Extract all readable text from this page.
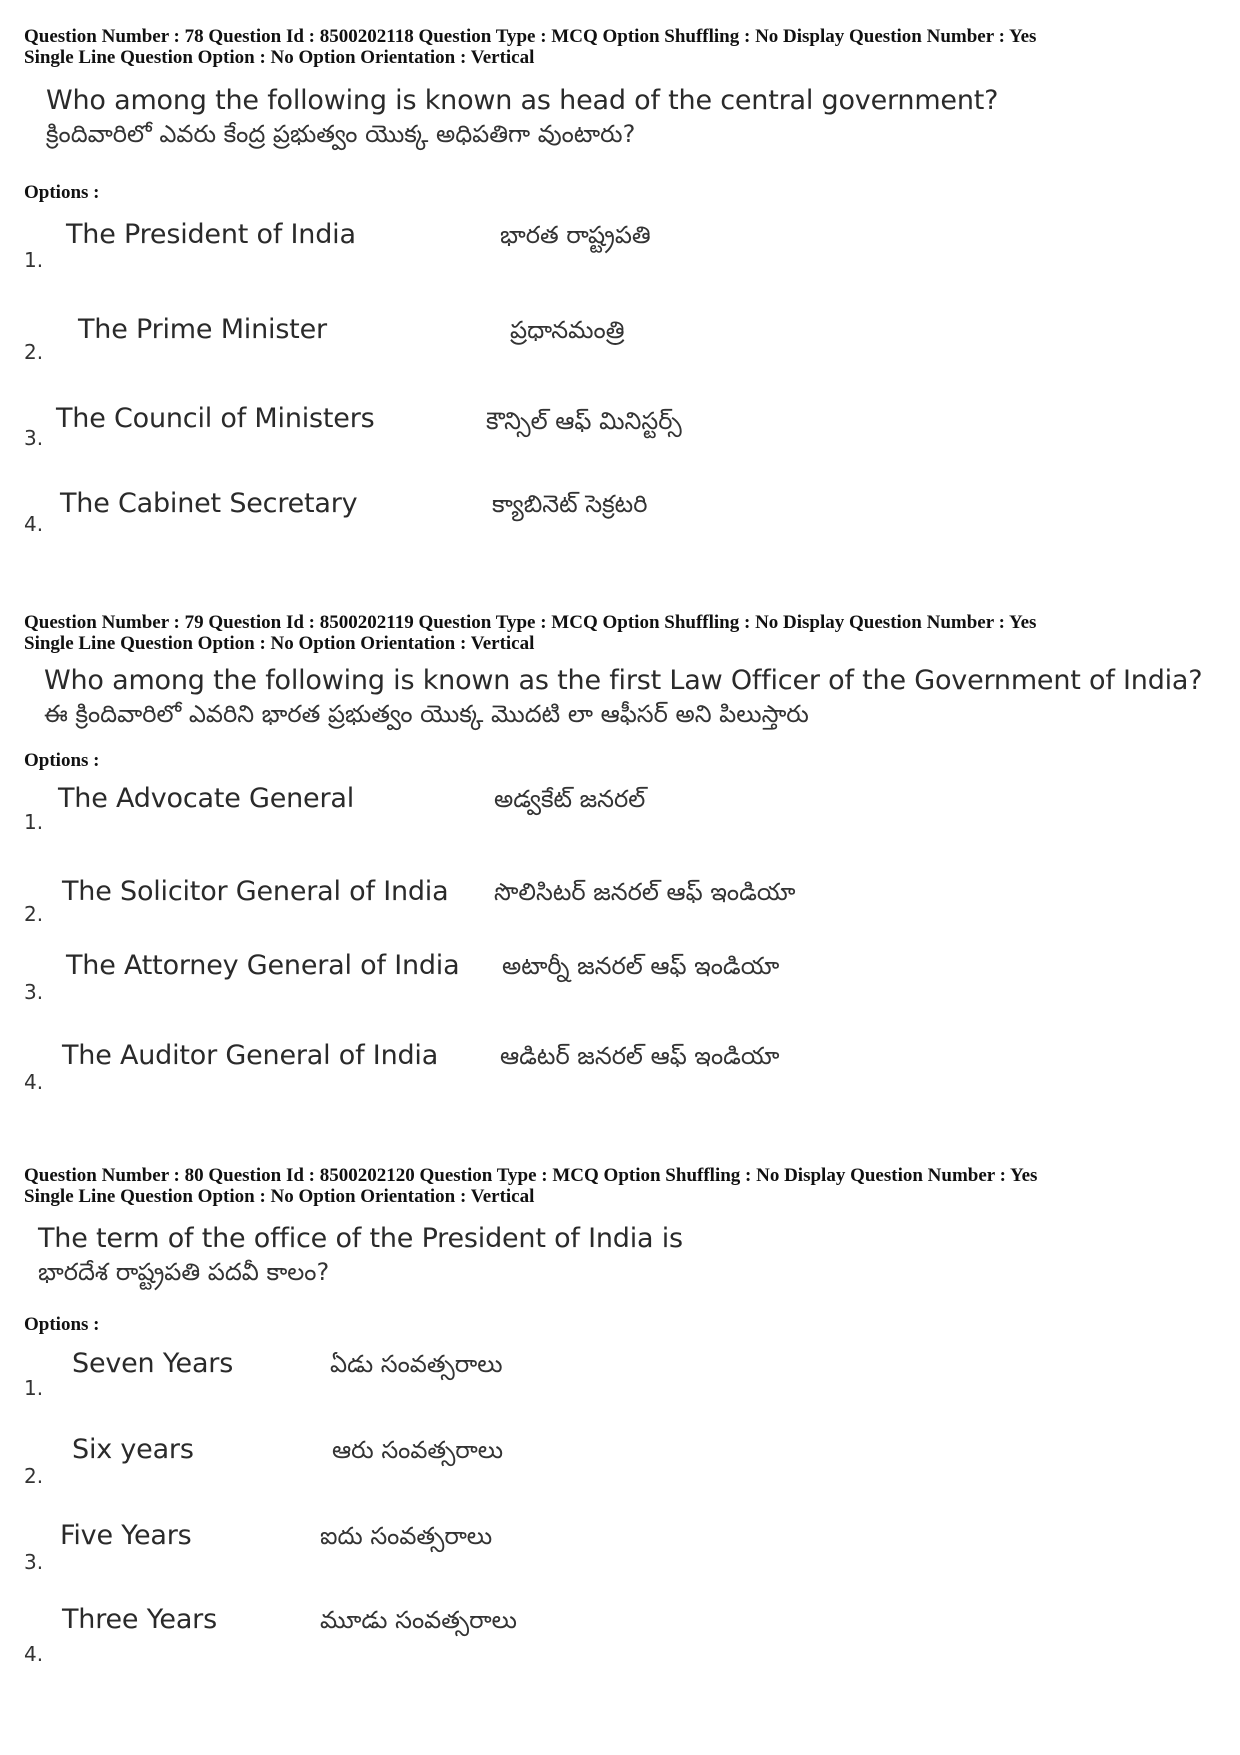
Question Number : 78 Question Id : 8500202118 Question Type : MCQ Option Shuffling : No Display Question Number : Yes
Single Line Question Option : No Option Orientation : Vertical
Who among the following is known as head of the central government?
క్రిందివారిలో ఎవరు కేంద్ర ప్రభుత్వం యొక్క అధిపతిగా వుంటారు?
Options :
1.
The President of India	భారత రాష్ట్రపతి
2.
The Prime Minister	ప్రధానమంత్రి
3.
The Council of Ministers	కౌన్సిల్ ఆఫ్ మినిస్టర్స్
4.
The Cabinet Secretary	క్యాబినెట్ సెక్రటరి
Question Number : 79 Question Id : 8500202119 Question Type : MCQ Option Shuffling : No Display Question Number : Yes
Single Line Question Option : No Option Orientation : Vertical
Who among the following is known as the first Law Officer of the Government of India?
ఈ క్రిందివారిలో ఎవరిని భారత ప్రభుత్వం యొక్క మొదటి లా ఆఫీసర్ అని పిలుస్తారు
Options :
1.
The Advocate General	అడ్వకేట్ జనరల్
2.
The Solicitor General of India సొలిసిటర్ జనరల్ ఆఫ్ ఇండియా
3.
The Attorney General of India అటార్నీ జనరల్ ఆఫ్ ఇండియా
4.
The Auditor General of India	ఆడిటర్ జనరల్ ఆఫ్ ఇండియా
Question Number : 80 Question Id : 8500202120 Question Type : MCQ Option Shuffling : No Display Question Number : Yes
Single Line Question Option : No Option Orientation : Vertical
The term of the office of the President of India is
భారదేశ రాష్ట్రపతి పదవీ కాలం?
Options :
1.
Seven Years	ఏడు సంవత్సరాలు
2.
Six years	ఆరు సంవత్సరాలు
3.
Five Years	ఐదు సంవత్సరాలు
4.
Three Years	మూడు సంవత్సరాలు
